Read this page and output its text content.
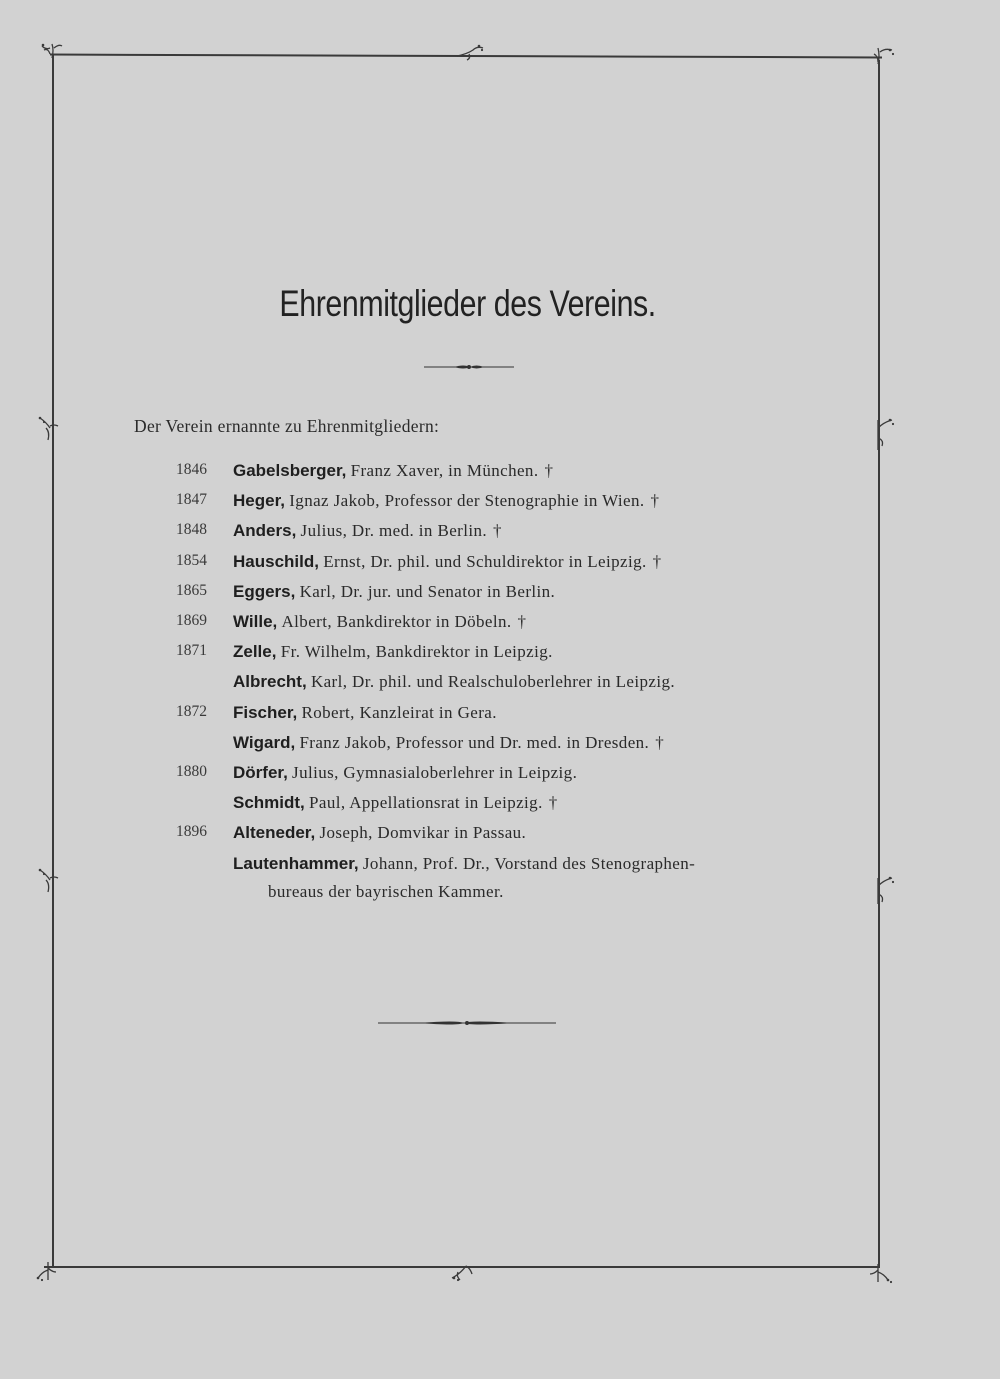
Ehrenmitglieder des Vereins.
Der Verein ernannte zu Ehrenmitgliedern:
1846	Gabelsberger, Franz Xaver, in München. †
1847	Heger, Ignaz Jakob, Professor der Stenographie in Wien. †
1848	Anders, Julius, Dr. med. in Berlin. †
1854	Hauschild, Ernst, Dr. phil. und Schuldirektor in Leipzig. †
1865	Eggers, Karl, Dr. jur. und Senator in Berlin.
1869	Wille, Albert, Bankdirektor in Döbeln. †
1871	Zelle, Fr. Wilhelm, Bankdirektor in Leipzig.
Albrecht, Karl, Dr. phil. und Realschuloberlehrer in Leipzig.
1872	Fischer, Robert, Kanzleirat in Gera.
Wigard, Franz Jakob, Professor und Dr. med. in Dresden. †
1880	Dörfer, Julius, Gymnasialoberlehrer in Leipzig.
Schmidt, Paul, Appellationsrat in Leipzig. †
1896	Alteneder, Joseph, Domvikar in Passau.
Lautenhammer, Johann, Prof. Dr., Vorstand des Stenographen-
bureaus der bayrischen Kammer.
